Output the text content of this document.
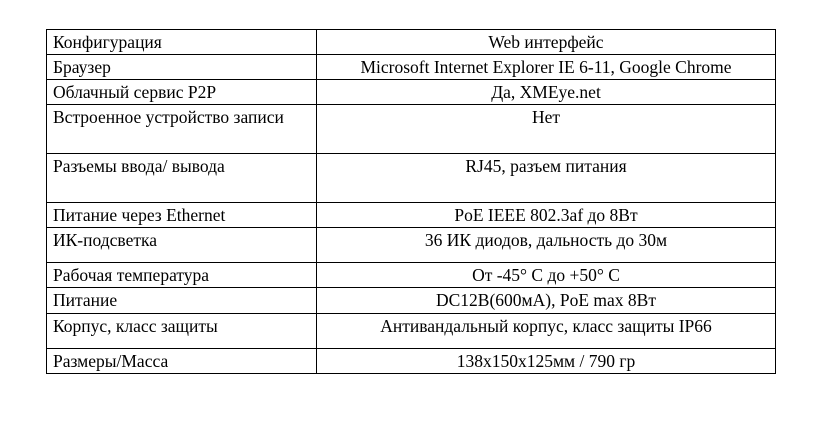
Конфигурация	Web интерфейс
Браузер	Microsoft Internet Explorer IE 6-11, Google Chrome
Облачный сервис P2P	Да, XMEye.net
Встроенное устройство записи	Нет
Разъемы ввода/ вывода	RJ45, разъем питания
Питание через Ethernet	PoE IEEE 802.3af до 8Вт
ИК-подсветка	36 ИК диодов, дальность до 30м
Рабочая температура	От -45° С до +50° С
Питание	DC12В(600мА), PoE max 8Вт
Корпус, класс защиты	Антивандальный корпус, класс защиты IP66
Размеры/Масса	138x150x125мм / 790 гр
